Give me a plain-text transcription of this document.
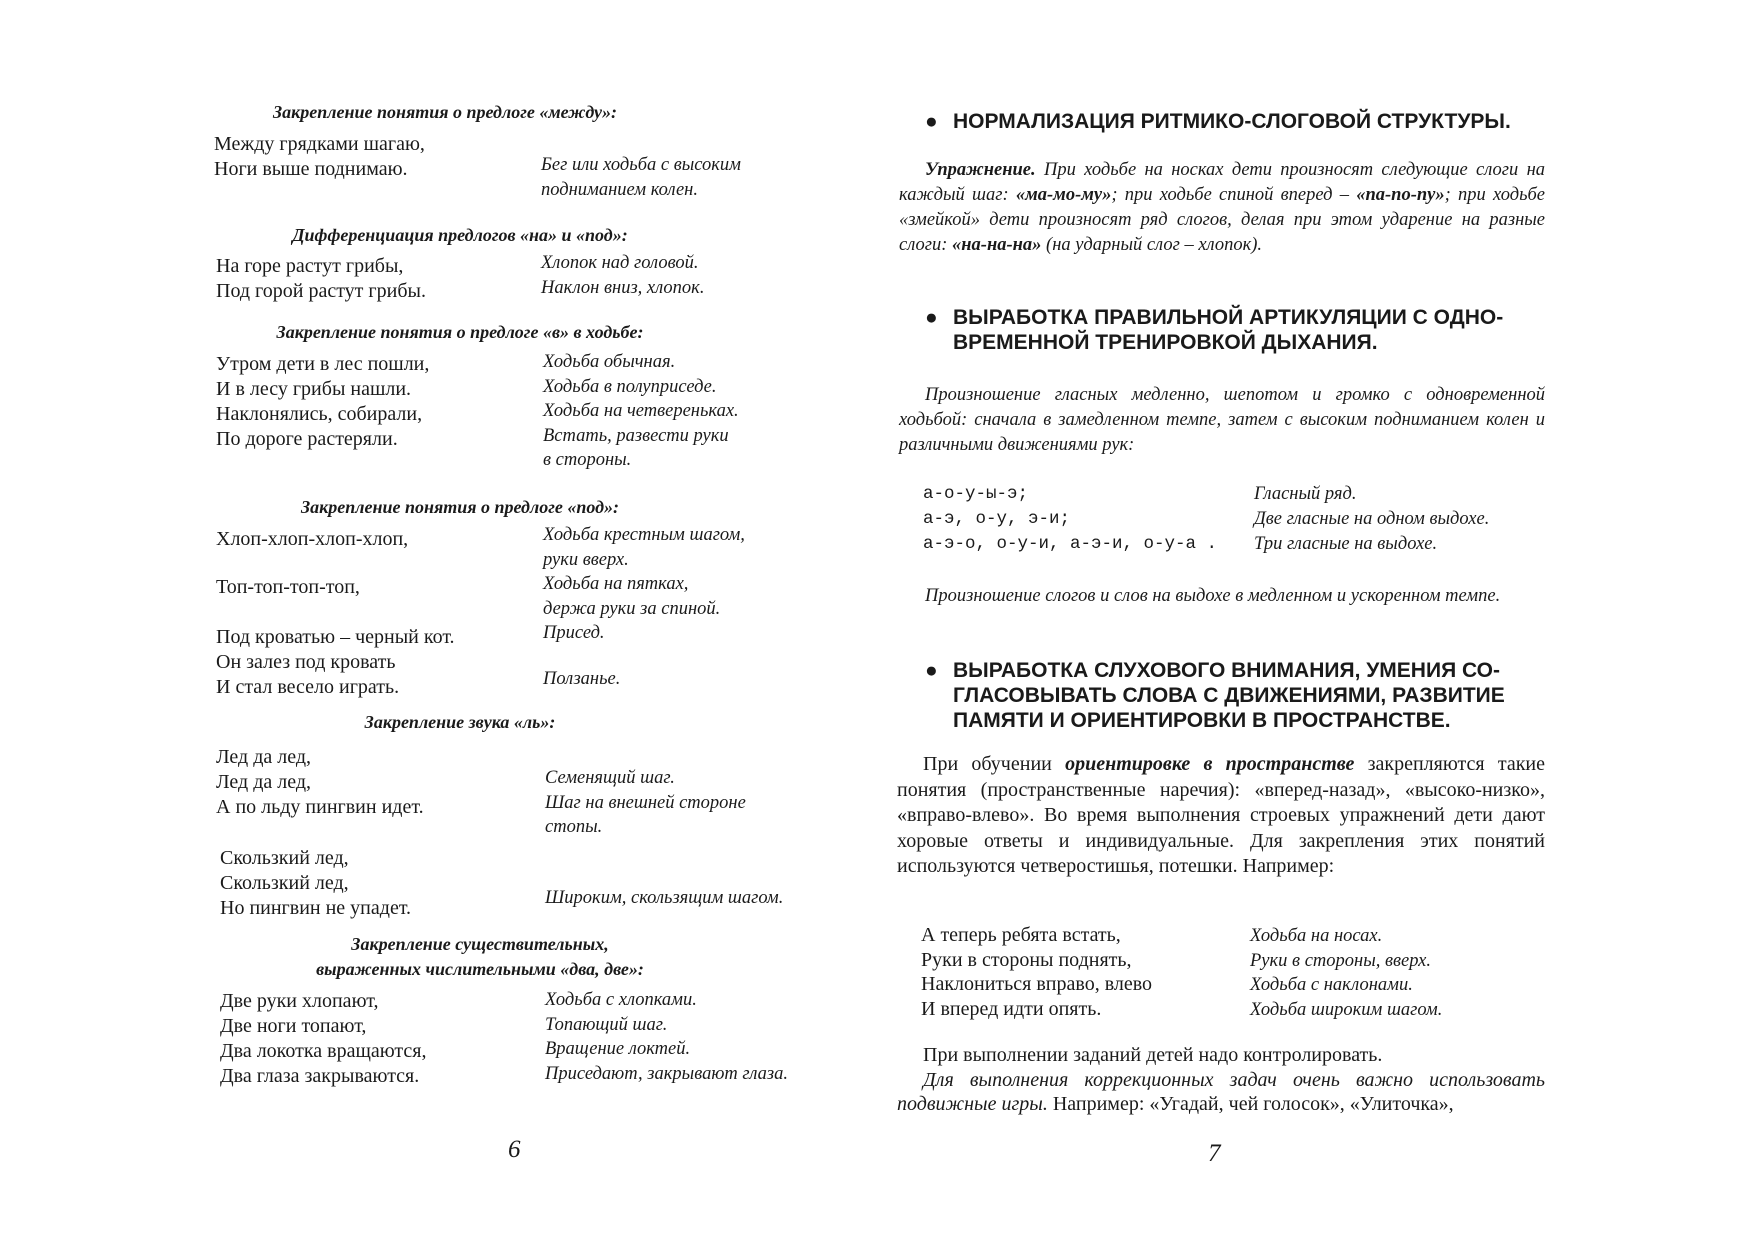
Закрепление понятия о предлоге «между»:
Между грядками шагаю,
Ноги выше поднимаю.	Бег или ходьба с высоким
подниманием колен.
Дифференциация предлогов «на» и «под»:
На горе растут грибы,
Под горой растут грибы.
Хлопок над головой.
Наклон вниз, хлопок.
Закрепление понятия о предлоге «в» в ходьбе:
Утром дети в лес пошли,
И в лесу грибы нашли.
Наклонялись, собирали,
По дороге растеряли.
Ходьба обычная.
Ходьба в полуприседе.
Ходьба на четвереньках.
Встать, развести руки
в стороны.
Закрепление понятия о предлоге «под»:
Хлоп-хлоп-хлоп-хлоп,
Топ-топ-топ-топ,
Под кроватью – черный кот.
Он залез под кровать
И стал весело играть.
Ходьба крестным шагом,
руки вверх.
Ходьба на пятках,
держа руки за спиной.
Присед.
Ползанье.
Закрепление звука «ль»:
Лед да лед,
Лед да лед,
А по льду пингвин идет.
Скользкий лед,
Скользкий лед,
Но пингвин не упадет.
Семенящий шаг.
Шаг на внешней стороне
стопы.
Широким, скользящим шагом.
Закрепление существительных,
выраженных числительными «два, две»:
Две руки хлопают,
Две ноги топают,
Два локотка вращаются,
Два глаза закрываются.
Ходьба с хлопками.
Топающий шаг.
Вращение локтей.
Приседают, закрывают глаза.
6
● НОРМАЛИЗАЦИЯ РИТМИКО-СЛОГОВОЙ СТРУКТУРЫ.
Упражнение. При ходьбе на носках дети произносят следующие слоги на каждый шаг: «ма-мо-му»; при ходьбе спиной вперед – «па-по-пу»; при ходьбе «змейкой» дети произносят ряд слогов, делая при этом ударение на разные слоги: «на-на-на» (на ударный слог – хлопок).
● ВЫРАБОТКА ПРАВИЛЬНОЙ АРТИКУЛЯЦИИ С ОДНО-
ВРЕМЕННОЙ ТРЕНИРОВКОЙ ДЫХАНИЯ.
Произношение гласных медленно, шепотом и громко с одновременной ходьбой: сначала в замедленном темпе, затем с высоким подниманием колен и различными движениями рук:
а-о-у-ы-э;
а-э, о-у, э-и;
а-э-о, о-у-и, а-э-и, о-у-а .
Гласный ряд.
Две гласные на одном выдохе.
Три гласные на выдохе.
Произношение слогов и слов на выдохе в медленном и ускоренном темпе.
● ВЫРАБОТКА СЛУХОВОГО ВНИМАНИЯ, УМЕНИЯ СО-
ГЛАСОВЫВАТЬ СЛОВА С ДВИЖЕНИЯМИ, РАЗВИТИЕ
ПАМЯТИ И ОРИЕНТИРОВКИ В ПРОСТРАНСТВЕ.
При обучении ориентировке в пространстве закрепляются такие понятия (пространственные наречия): «вперед-назад», «высоко-низко», «вправо-влево». Во время выполнения строевых упражнений дети дают хоровые ответы и индивидуальные. Для закрепления этих понятий используются четверостишья, потешки. Например:
А теперь ребята встать,
Руки в стороны поднять,
Наклониться вправо, влево
И вперед идти опять.
Ходьба на носах.
Руки в стороны, вверх.
Ходьба с наклонами.
Ходьба широким шагом.
При выполнении заданий детей надо контролировать.
Для выполнения коррекционных задач очень важно использовать подвижные игры. Например: «Угадай, чей голосок», «Улиточка»,
7
